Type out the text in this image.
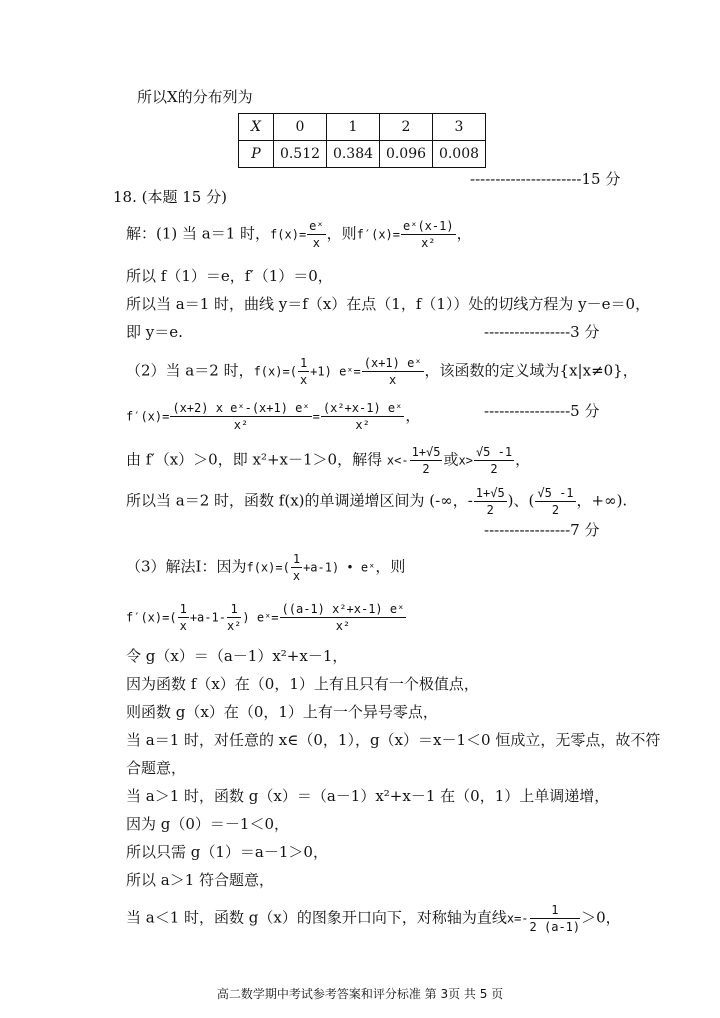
所以X的分布列为
X	0	1	2	3
P	0.512	0.384	0.096	0.008
----------------------15 分
18. (本题 15 分)
解：(1) 当 a＝1 时，$f(x)= \frac{\text{eˣ}}{x}$ ，则$f'(x)= \frac{\text{eˣ(x-1)}}{\text{x²}}$ ，
所以 f（1）＝e，f′（1）＝0，
所以当 a＝1 时，曲线 y＝f（x）在点（1，f（1））处的切线方程为 y－e＝0，
即 y＝e.	-----------------3 分
（2）当 a＝2 时，$f(x)=( \frac{1}{x} +1)$ eˣ= $\frac{\text{(x+1) eˣ}}{x}$ ，该函数的定义域为{x|x≠0}，
$f'(x)= \frac{\text{(x+2) x eˣ-(x+1) eˣ}}{\text{x²}} = \frac{\text{(x²+x-1) eˣ}}{\text{x²}}$ ，	-----------------5 分
由 f′（x）＞0，即 x²+x－1＞0，解得 $x<- \frac{1+√5}{2}$ 或$x> \frac{√5 -1}{2}$ ，
所以当 a＝2 时，函数 f(x)的单调递增区间为 (-∞，- $\frac{1+√5}{2}$ )、( $\frac{√5 -1}{2}$ ，+∞).
-----------------7 分
（3）解法Ⅰ：因为$f(x)=( \frac{1}{x} +a-1)$ • eˣ，则
$f'(x)=( \frac{1}{x} +a-1- \frac{1}{\text{x²}}$ ) eˣ= $\frac{\text{((a-1) x²+x-1) eˣ}}{\text{x²}}$
令 g（x）＝（a－1）x²+x－1，
因为函数 f（x）在（0，1）上有且只有一个极值点，
则函数 g（x）在（0，1）上有一个异号零点，
当 a＝1 时，对任意的 x∈（0，1），g（x）＝x－1＜0 恒成立，无零点，故不符
合题意，
当 a＞1 时，函数 g（x）＝（a－1）x²+x－1 在（0，1）上单调递增，
因为 g（0）＝－1＜0，
所以只需 g（1）＝a－1＞0，
所以 a＞1 符合题意，
当 a＜1 时，函数 g（x）的图象开口向下，对称轴为直线$x=- \frac{1}{2 (a-1)} >0$，
高二数学期中考试参考答案和评分标准 第 3页 共 5 页
